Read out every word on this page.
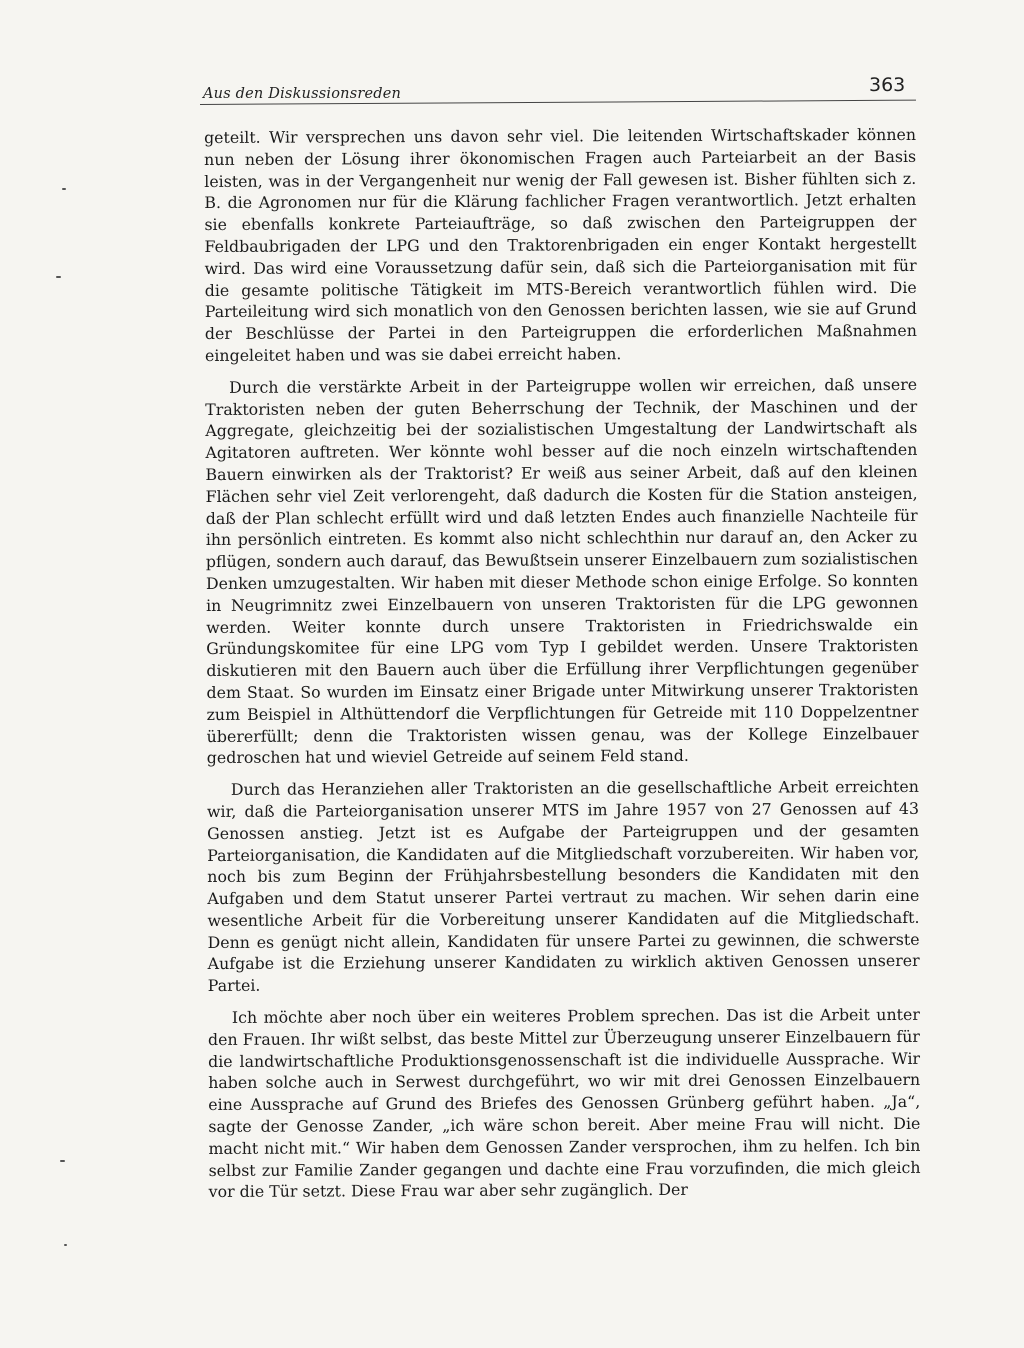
Aus den Diskussionsreden	363

geteilt. Wir versprechen uns davon sehr viel. Die leitenden Wirtschaftskader können nun neben der Lösung ihrer ökonomischen Fragen auch Parteiarbeit an der Basis leisten, was in der Vergangenheit nur wenig der Fall gewesen ist. Bisher fühlten sich z. B. die Agronomen nur für die Klärung fachlicher Fragen verantwortlich. Jetzt erhalten sie ebenfalls konkrete Parteiaufträge, so daß zwischen den Parteigruppen der Feldbaubrigaden der LPG und den Traktorenbrigaden ein enger Kontakt hergestellt wird. Das wird eine Voraussetzung dafür sein, daß sich die Parteiorganisation mit für die gesamte politische Tätigkeit im MTS-Bereich verantwortlich fühlen wird. Die Parteileitung wird sich monatlich von den Genossen berichten lassen, wie sie auf Grund der Beschlüsse der Partei in den Parteigruppen die erforderlichen Maßnahmen eingeleitet haben und was sie dabei erreicht haben.

Durch die verstärkte Arbeit in der Parteigruppe wollen wir erreichen, daß unsere Traktoristen neben der guten Beherrschung der Technik, der Maschinen und der Aggregate, gleichzeitig bei der sozialistischen Umgestaltung der Landwirtschaft als Agitatoren auftreten. Wer könnte wohl besser auf die noch einzeln wirtschaftenden Bauern einwirken als der Traktorist? Er weiß aus seiner Arbeit, daß auf den kleinen Flächen sehr viel Zeit verlorengeht, daß dadurch die Kosten für die Station ansteigen, daß der Plan schlecht erfüllt wird und daß letzten Endes auch finanzielle Nachteile für ihn persönlich eintreten. Es kommt also nicht schlechthin nur darauf an, den Acker zu pflügen, sondern auch darauf, das Bewußtsein unserer Einzelbauern zum sozialistischen Denken umzugestalten. Wir haben mit dieser Methode schon einige Erfolge. So konnten in Neugrimnitz zwei Einzelbauern von unseren Traktoristen für die LPG gewonnen werden. Weiter konnte durch unsere Traktoristen in Friedrichswalde ein Gründungskomitee für eine LPG vom Typ I gebildet werden. Unsere Traktoristen diskutieren mit den Bauern auch über die Erfüllung ihrer Verpflichtungen gegenüber dem Staat. So wurden im Einsatz einer Brigade unter Mitwirkung unserer Traktoristen zum Beispiel in Althüttendorf die Verpflichtungen für Getreide mit 110 Doppelzentner übererfüllt; denn die Traktoristen wissen genau, was der Kollege Einzelbauer gedroschen hat und wieviel Getreide auf seinem Feld stand.

Durch das Heranziehen aller Traktoristen an die gesellschaftliche Arbeit erreichten wir, daß die Parteiorganisation unserer MTS im Jahre 1957 von 27 Genossen auf 43 Genossen anstieg. Jetzt ist es Aufgabe der Parteigruppen und der gesamten Parteiorganisation, die Kandidaten auf die Mitgliedschaft vorzubereiten. Wir haben vor, noch bis zum Beginn der Frühjahrsbestellung besonders die Kandidaten mit den Aufgaben und dem Statut unserer Partei vertraut zu machen. Wir sehen darin eine wesentliche Arbeit für die Vorbereitung unserer Kandidaten auf die Mitgliedschaft. Denn es genügt nicht allein, Kandidaten für unsere Partei zu gewinnen, die schwerste Aufgabe ist die Erziehung unserer Kandidaten zu wirklich aktiven Genossen unserer Partei.

Ich möchte aber noch über ein weiteres Problem sprechen. Das ist die Arbeit unter den Frauen. Ihr wißt selbst, das beste Mittel zur Überzeugung unserer Einzelbauern für die landwirtschaftliche Produktionsgenossenschaft ist die individuelle Aussprache. Wir haben solche auch in Serwest durchgeführt, wo wir mit drei Genossen Einzelbauern eine Aussprache auf Grund des Briefes des Genossen Grünberg geführt haben. „Ja“, sagte der Genosse Zander, „ich wäre schon bereit. Aber meine Frau will nicht. Die macht nicht mit.“ Wir haben dem Genossen Zander versprochen, ihm zu helfen. Ich bin selbst zur Familie Zander gegangen und dachte eine Frau vorzufinden, die mich gleich vor die Tür setzt. Diese Frau war aber sehr zugänglich. Der
